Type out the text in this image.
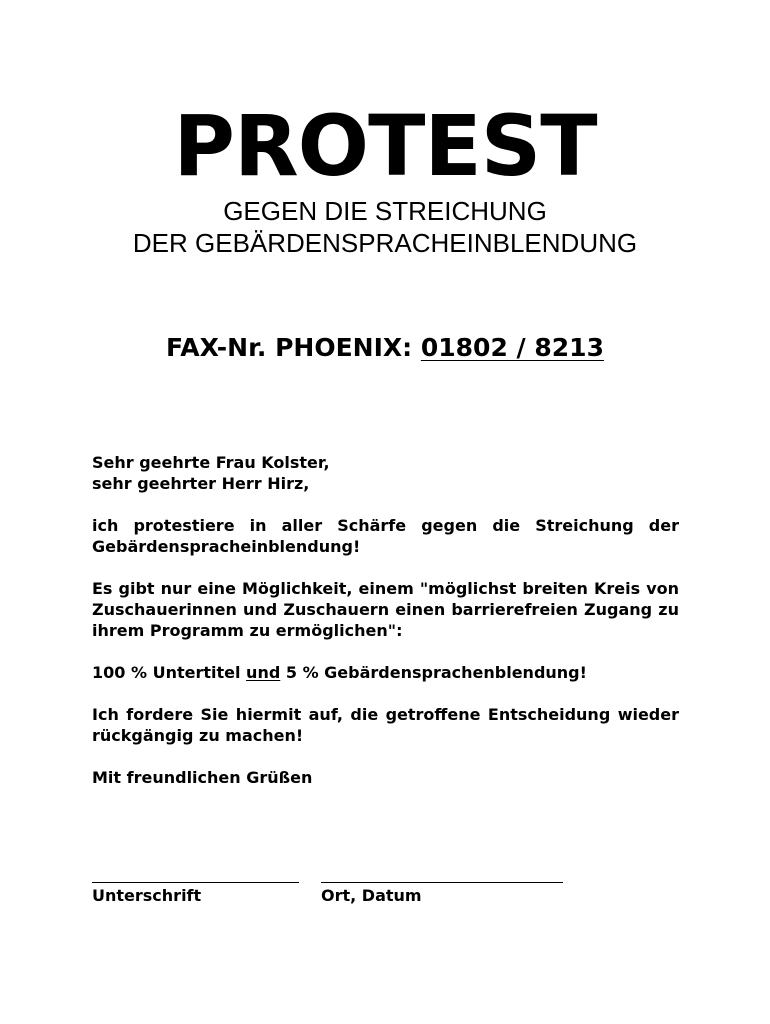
PROTEST
GEGEN DIE STREICHUNG
DER GEBÄRDENSPRACHEINBLENDUNG
FAX-Nr. PHOENIX: 01802 / 8213

Sehr geehrte Frau Kolster,
sehr geehrter Herr Hirz,

ich protestiere in aller Schärfe gegen die Streichung der Gebärdenspracheinblendung!

Es gibt nur eine Möglichkeit, einem "möglichst breiten Kreis von Zuschauerinnen und Zuschauern einen barrierefreien Zugang zu ihrem Programm zu ermöglichen":

100 % Untertitel und 5 % Gebärdensprachenblendung!

Ich fordere Sie hiermit auf, die getroffene Entscheidung wieder rückgängig zu machen!

Mit freundlichen Grüßen

Unterschrift	Ort, Datum
